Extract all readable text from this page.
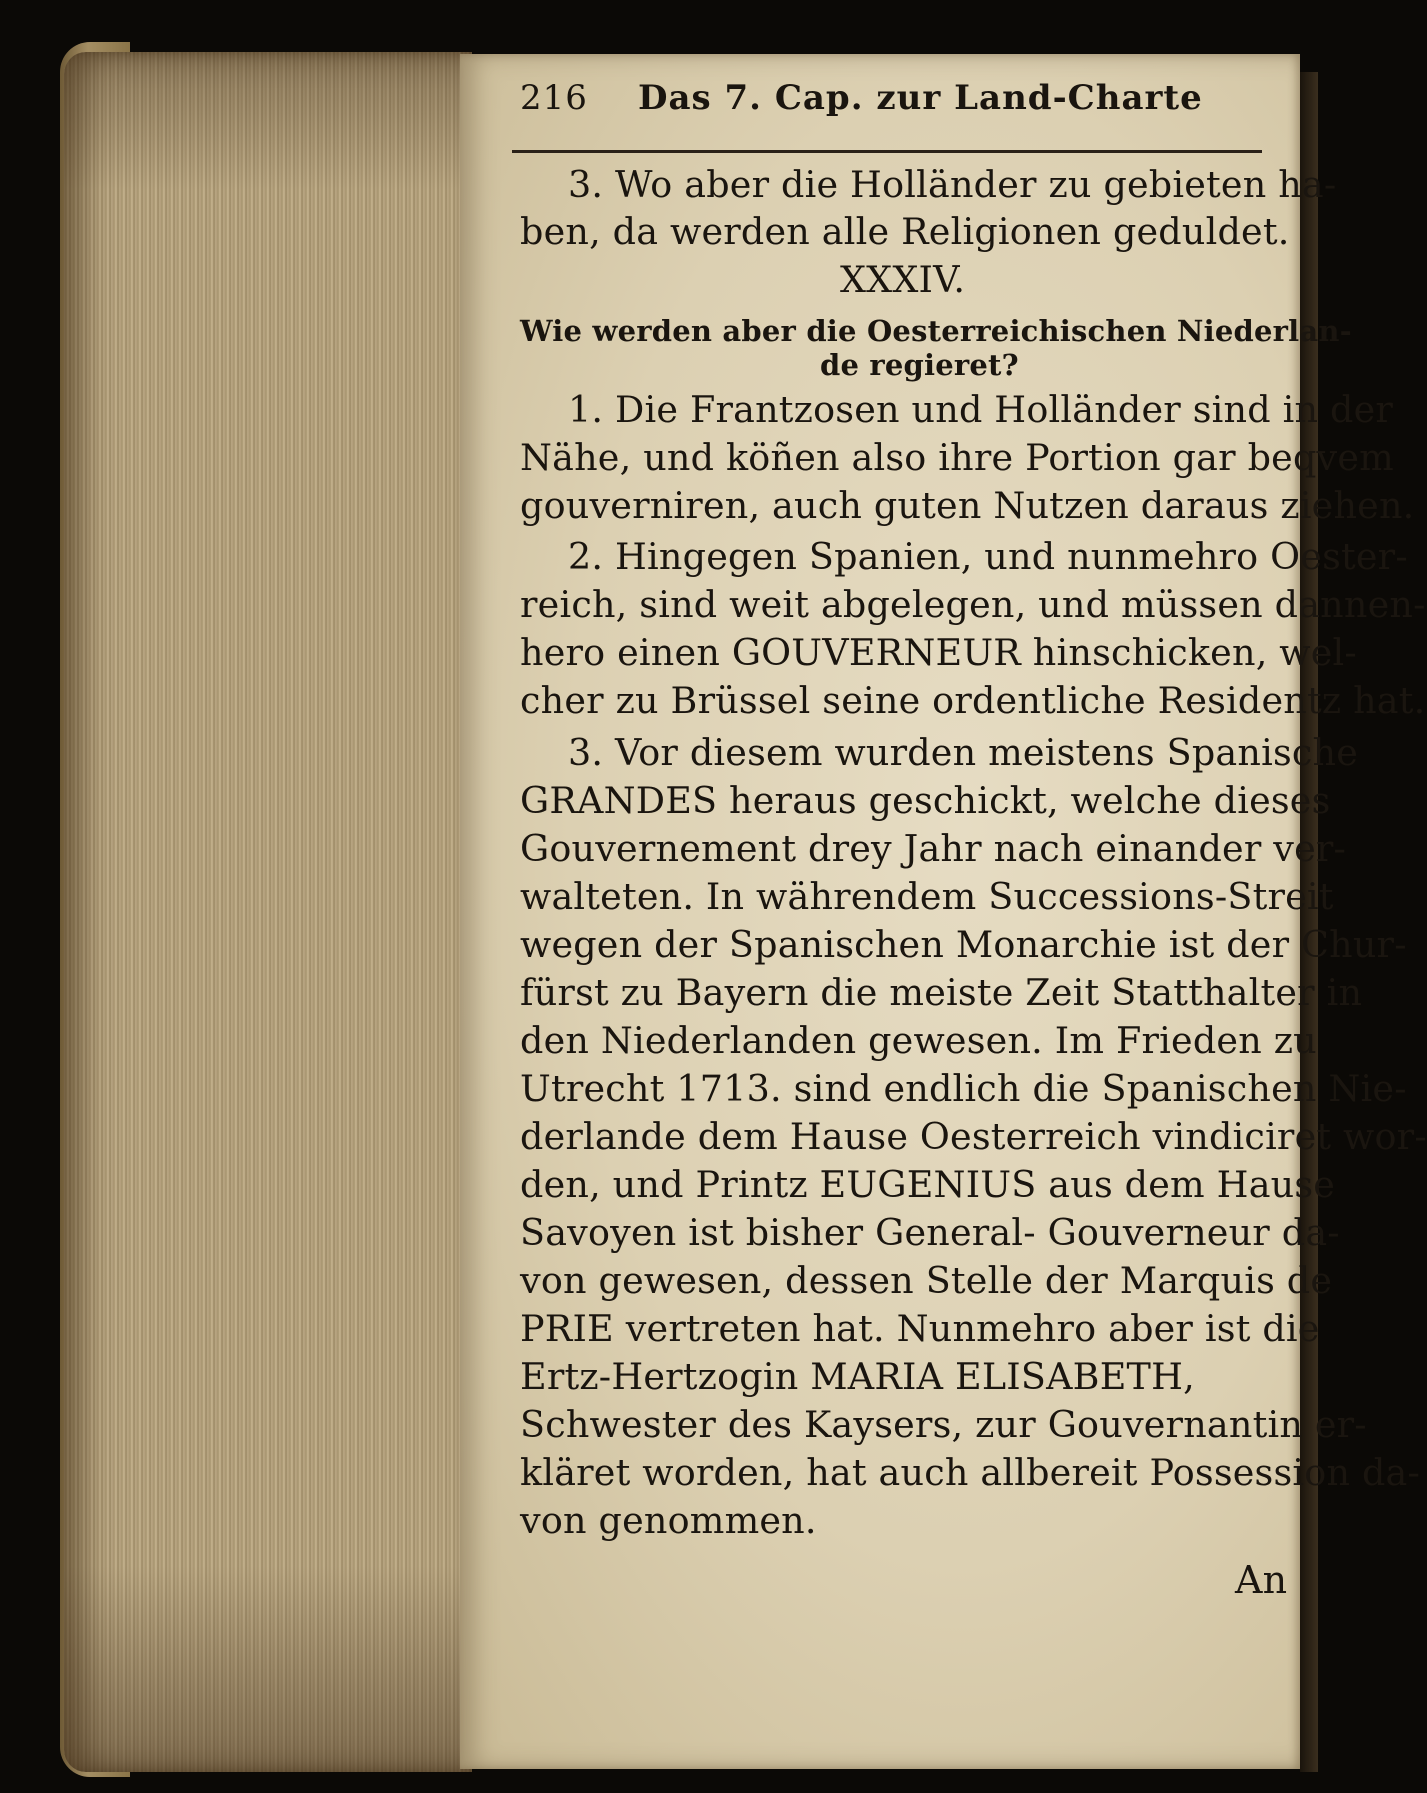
216 Das 7. Cap. zur Land-Charte
3. Wo aber die Holländer zu gebieten ha-
ben, da werden alle Religionen geduldet.
XXXIV.
Wie werden aber die Oesterreichischen Niederlan-
de regieret?
1. Die Frantzosen und Holländer sind in der
Nähe, und köñen also ihre Portion gar beqvem
gouverniren, auch guten Nutzen daraus ziehen.
2. Hingegen Spanien, und nunmehro Oester-
reich, sind weit abgelegen, und müssen dannen-
hero einen GOUVERNEUR hinschicken, wel-
cher zu Brüssel seine ordentliche Residentz hat.
3. Vor diesem wurden meistens Spanische
GRANDES heraus geschickt, welche dieses
Gouvernement drey Jahr nach einander ver-
walteten. In währendem Successions-Streit
wegen der Spanischen Monarchie ist der Chur-
fürst zu Bayern die meiste Zeit Statthalter in
den Niederlanden gewesen. Im Frieden zu
Utrecht 1713. sind endlich die Spanischen Nie-
derlande dem Hause Oesterreich vindiciret wor-
den, und Printz EUGENIUS aus dem Hause
Savoyen ist bisher General- Gouverneur da-
von gewesen, dessen Stelle der Marquis de
PRIE vertreten hat. Nunmehro aber ist die
Ertz-Hertzogin MARIA ELISABETH,
Schwester des Kaysers, zur Gouvernantin er-
kläret worden, hat auch allbereit Possession da-
von genommen.
An
